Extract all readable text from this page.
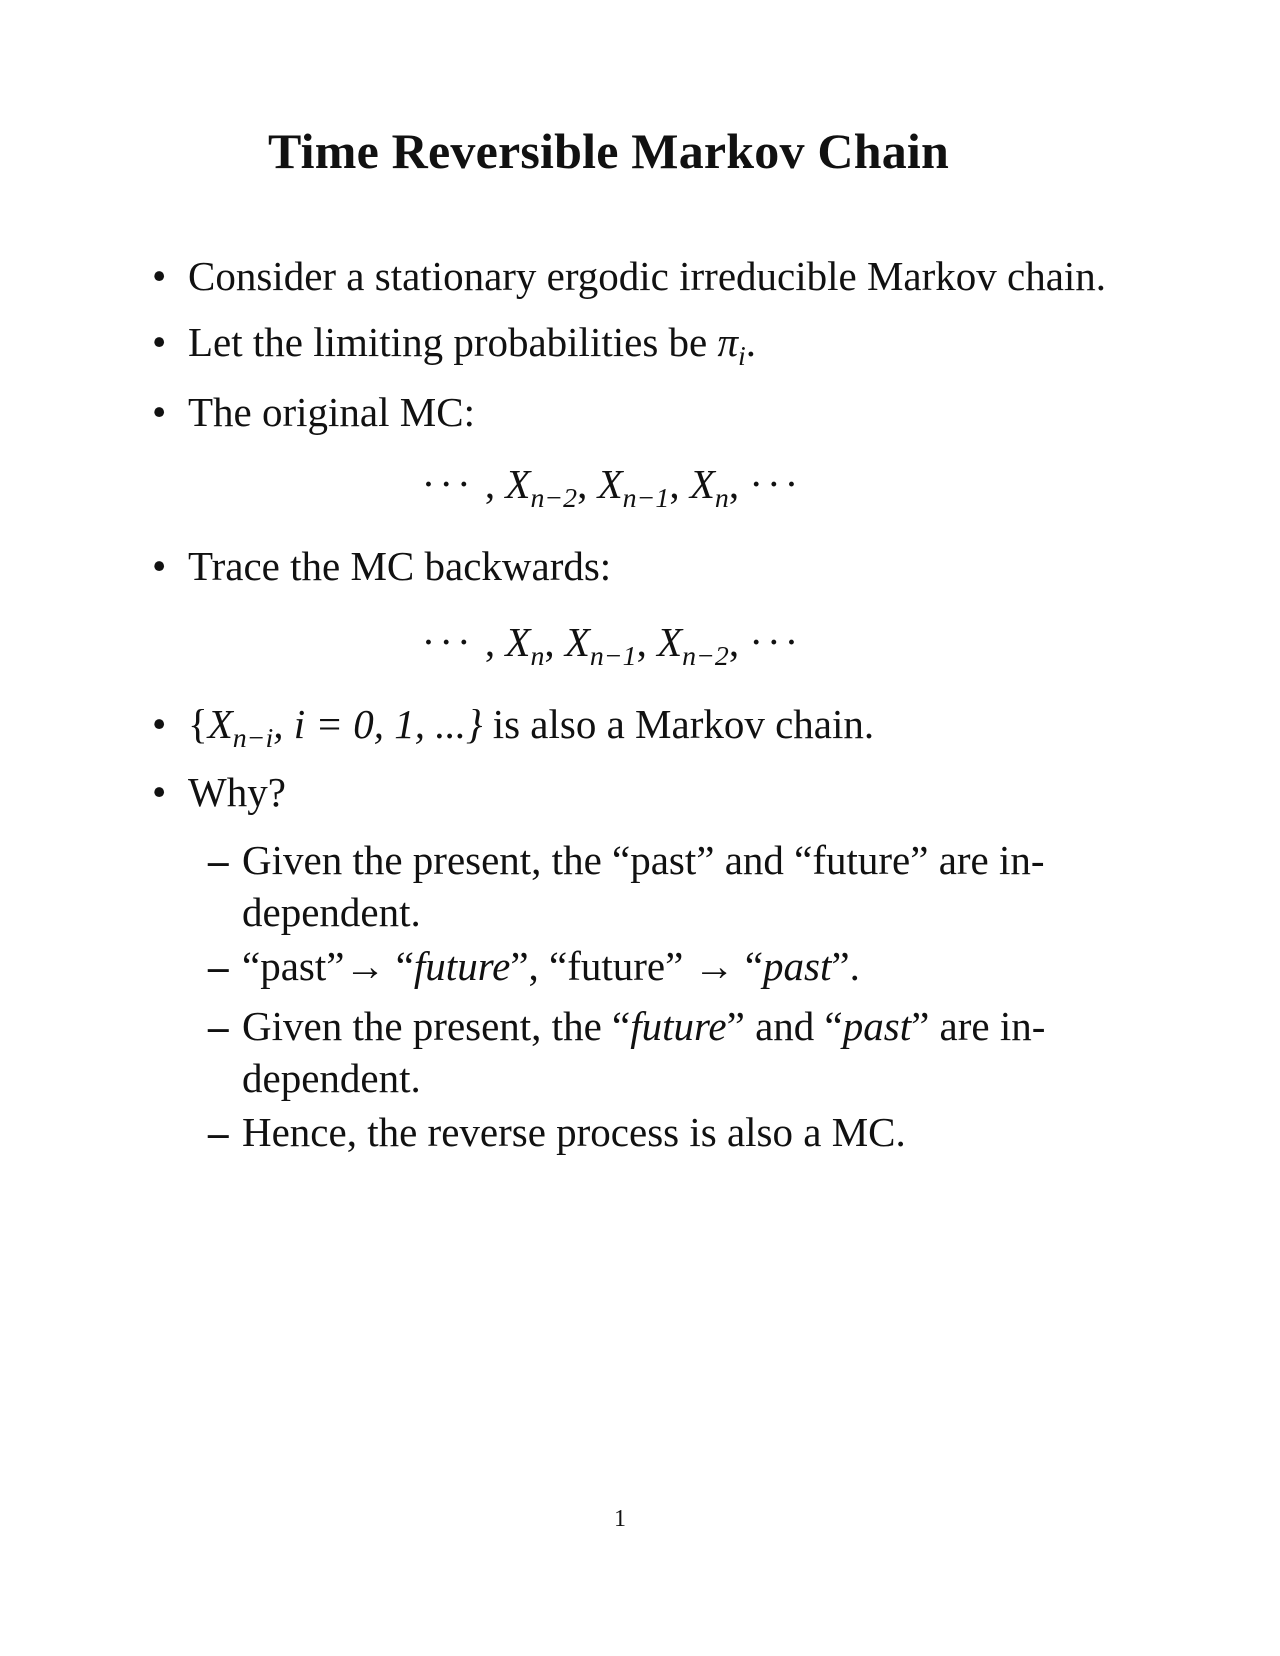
Time Reversible Markov Chain
• Consider a stationary ergodic irreducible Markov chain.
• Let the limiting probabilities be $\pi_i$.
• The original MC:
··· , $X_{n-2}$, $X_{n-1}$, $X_n$, ···
• Trace the MC backwards:
··· , $X_n$, $X_{n-1}$, $X_{n-2}$, ···
• {$X_{n-i}$, i = 0, 1, ...} is also a Markov chain.
• Why?
– Given the present, the “past” and “future” are in-
dependent.
– “past”→ “future”, “future” → “past”.
– Given the present, the “future” and “past” are in-
dependent.
– Hence, the reverse process is also a MC.
1
